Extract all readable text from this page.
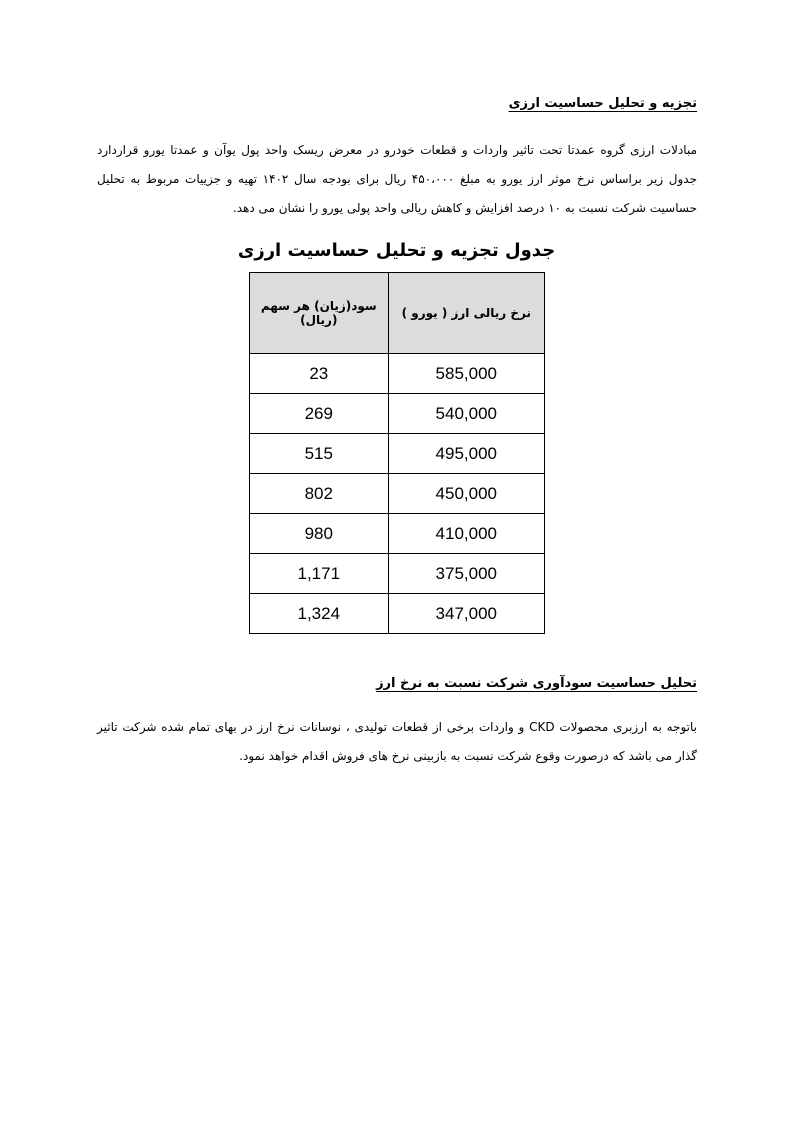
تجزیه و تحلیل حساسیت ارزی
مبادلات ارزی گروه عمدتا تحت تاثیر واردات و قطعات خودرو در معرض ریسک واحد پول یوآن و عمدتا یورو قراردارد جدول زیر براساس نرخ موثر ارز یورو به مبلغ ۴۵۰،۰۰۰ ریال برای بودجه سال ۱۴۰۲ تهیه و جزییات مربوط به تحلیل حساسیت شرکت نسبت به ۱۰ درصد افزایش و کاهش ریالی واحد پولی یورو را نشان می دهد.
جدول تجزیه و تحلیل حساسیت ارزی
نرخ ریالی ارز ( یورو )	سود(زیان) هر سهم (ریال)
585,000	23
540,000	269
495,000	515
450,000	802
410,000	980
375,000	1,171
347,000	1,324
تحلیل حساسیت سودآوری شرکت نسبت به نرخ ارز
باتوجه به ارزبری محصولات CKD و واردات برخی از قطعات تولیدی ، نوسانات نرخ ارز در بهای تمام شده شرکت تاثیر گذار می باشد که درصورت وقوع شرکت نسبت به بازبینی نرخ های فروش اقدام خواهد نمود.
